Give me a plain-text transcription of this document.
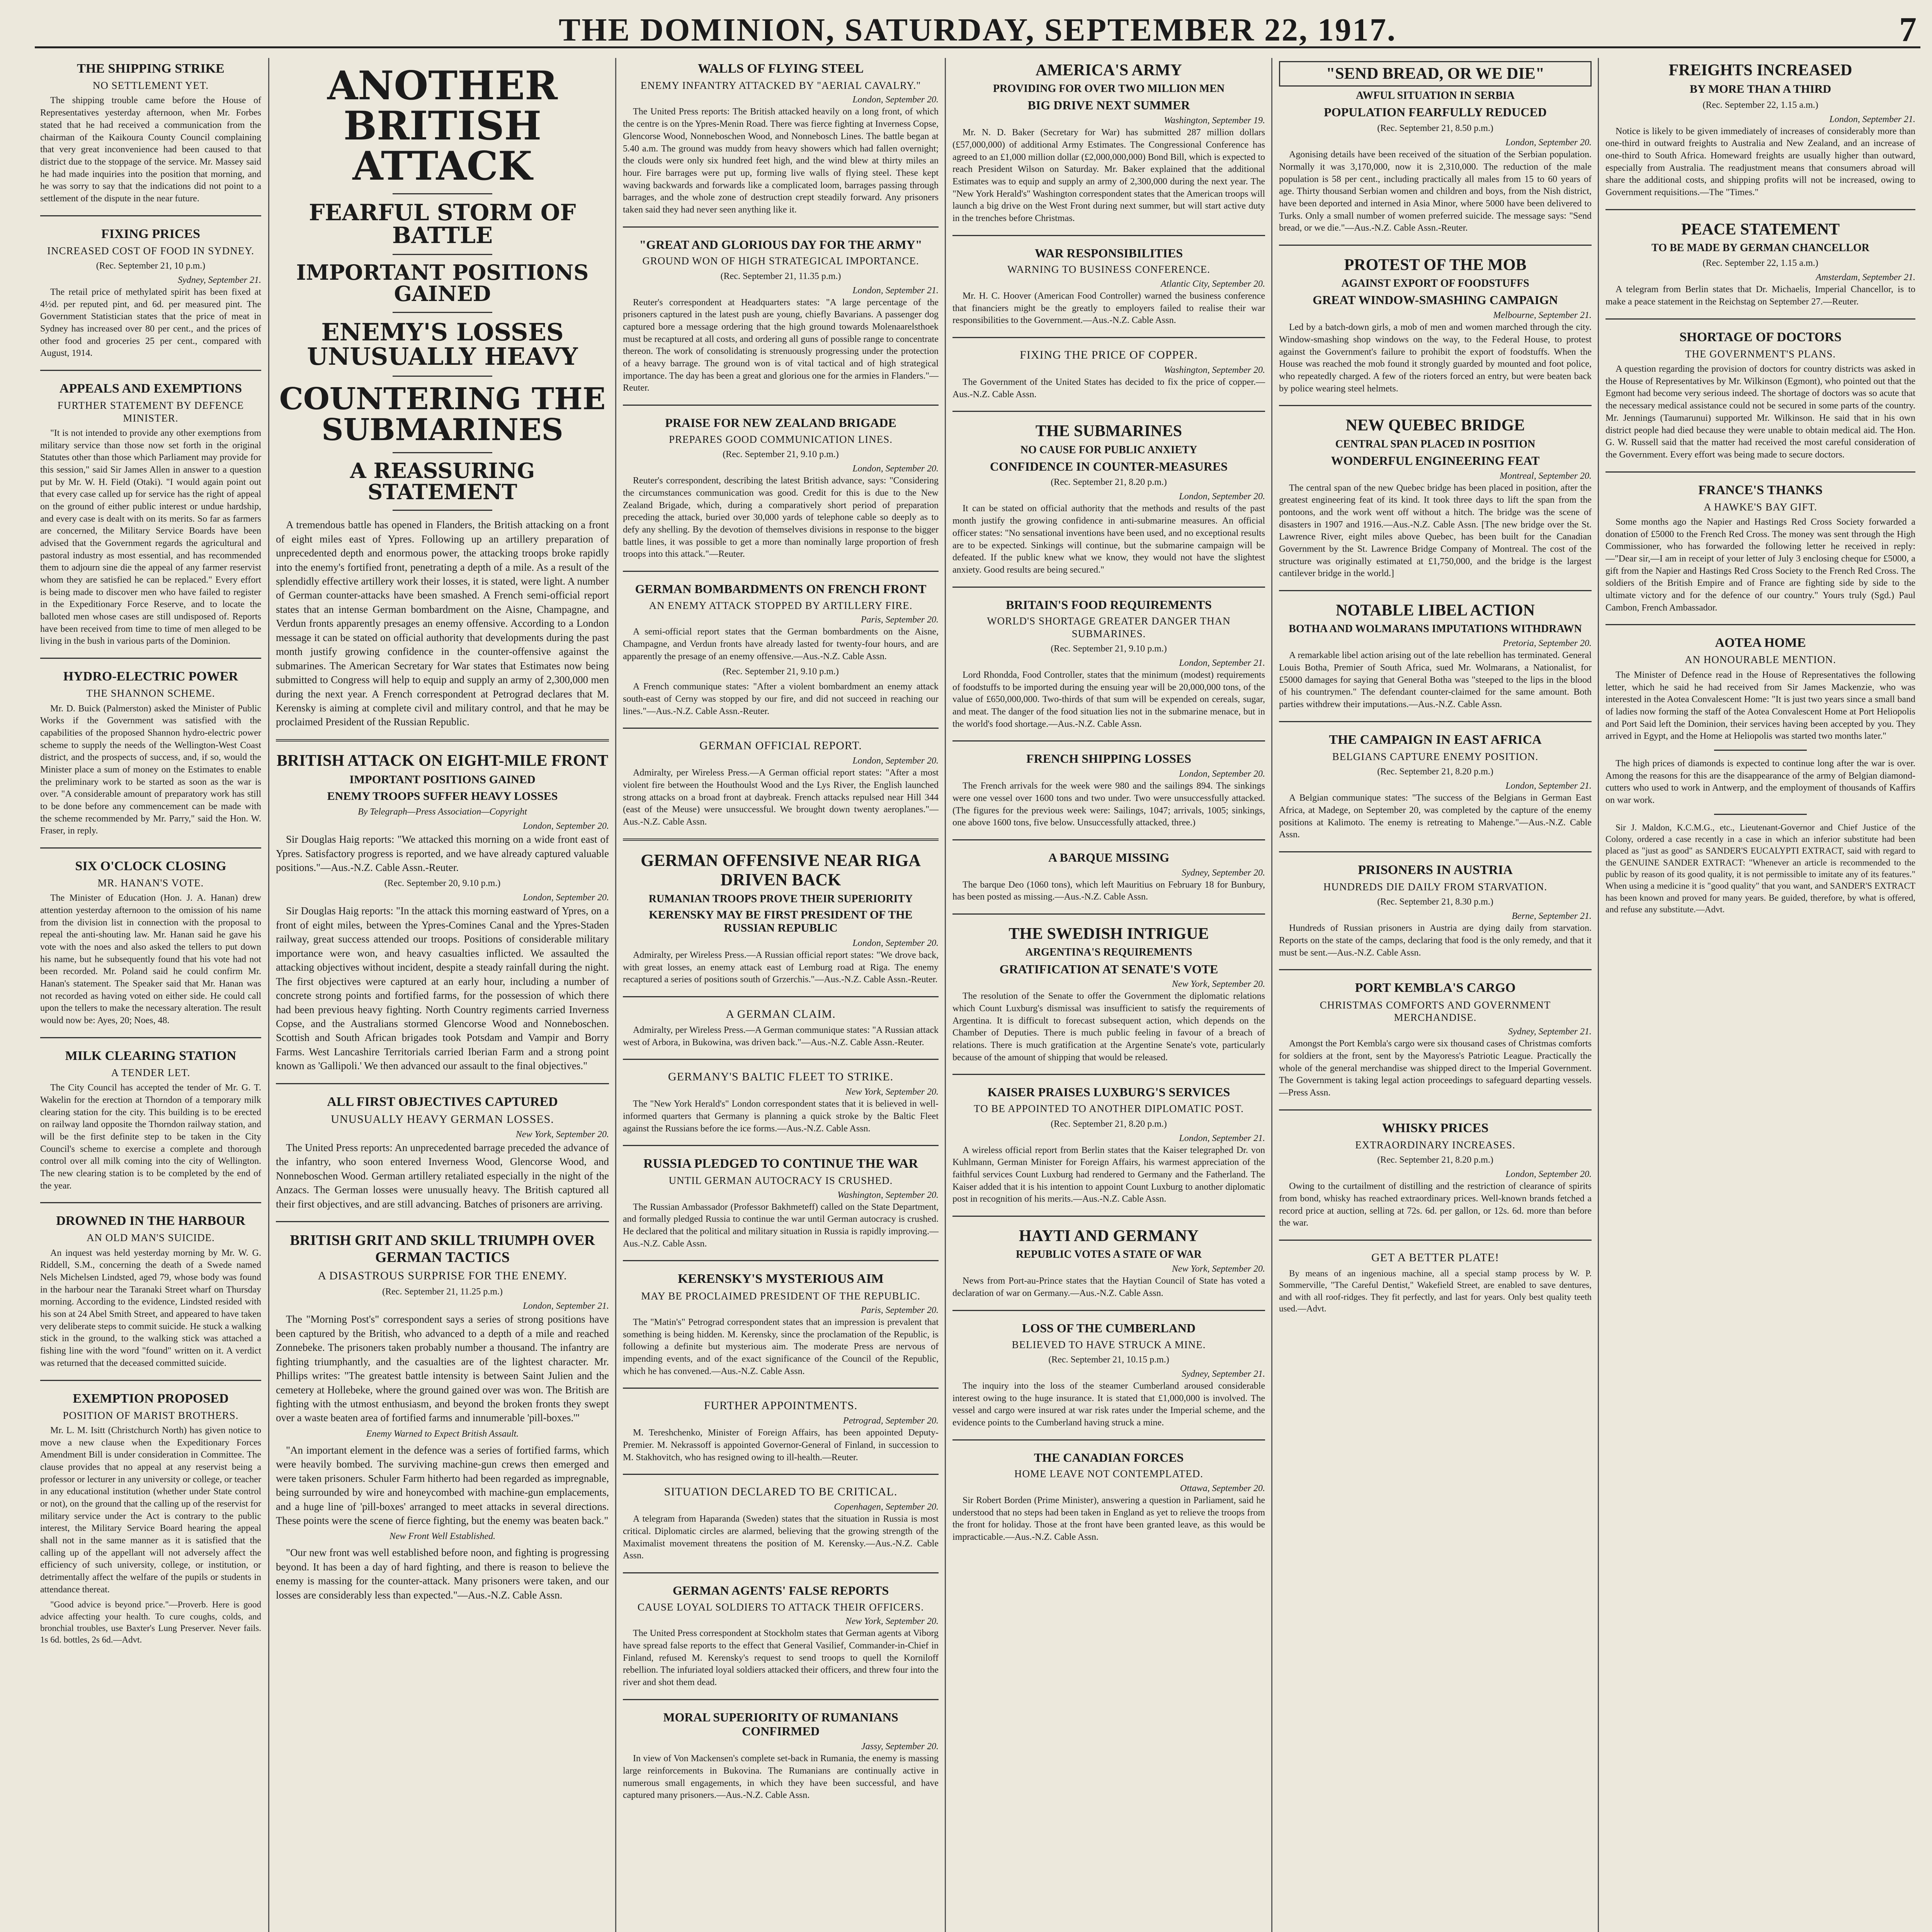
THE DOMINION, SATURDAY, SEPTEMBER 22, 1917.	7
THE SHIPPING STRIKE
NO SETTLEMENT YET.

The shipping trouble came before the House of Representatives yesterday afternoon, when Mr. Forbes stated that he had received a communication from the chairman of the Kaikoura County Council complaining that very great inconvenience had been caused to that district due to the stoppage of the service. Mr. Massey said he had made inquiries into the position that morning, and he was sorry to say that the indications did not point to a settlement of the dispute in the near future.

FIXING PRICES
INCREASED COST OF FOOD IN SYDNEY.
(Rec. September 21, 10 p.m.)

Sydney, September 21.

The retail price of methylated spirit has been fixed at 4½d. per reputed pint, and 6d. per measured pint. The Government Statistician states that the price of meat in Sydney has increased over 80 per cent., and the prices of other food and groceries 25 per cent., compared with August, 1914.

APPEALS AND EXEMPTIONS
FURTHER STATEMENT BY DEFENCE MINISTER.

"It is not intended to provide any other exemptions from military service than those now set forth in the original Statutes other than those which Parliament may provide for this session," said Sir James Allen in answer to a question put by Mr. W. H. Field (Otaki). "I would again point out that every case called up for service has the right of appeal on the ground of either public interest or undue hardship, and every case is dealt with on its merits. So far as farmers are concerned, the Military Service Boards have been advised that the Government regards the agricultural and pastoral industry as most essential, and has recommended them to adjourn sine die the appeal of any farmer reservist whom they are satisfied he can be replaced." Every effort is being made to discover men who have failed to register in the Expeditionary Force Reserve, and to locate the balloted men whose cases are still undisposed of. Reports have been received from time to time of men alleged to be living in the bush in various parts of the Dominion.

HYDRO-ELECTRIC POWER
THE SHANNON SCHEME.

Mr. D. Buick (Palmerston) asked the Minister of Public Works if the Government was satisfied with the capabilities of the proposed Shannon hydro-electric power scheme to supply the needs of the Wellington-West Coast district, and the prospects of success, and, if so, would the Minister place a sum of money on the Estimates to enable the preliminary work to be started as soon as the war is over. "A considerable amount of preparatory work has still to be done before any commencement can be made with the scheme recommended by Mr. Parry," said the Hon. W. Fraser, in reply.

SIX O'CLOCK CLOSING
MR. HANAN'S VOTE.

The Minister of Education (Hon. J. A. Hanan) drew attention yesterday afternoon to the omission of his name from the division list in connection with the proposal to repeal the anti-shouting law. Mr. Hanan said he gave his vote with the noes and also asked the tellers to put down his name, but he subsequently found that his vote had not been recorded. Mr. Poland said he could confirm Mr. Hanan's statement. The Speaker said that Mr. Hanan was not recorded as having voted on either side. He could call upon the tellers to make the necessary alteration. The result would now be: Ayes, 20; Noes, 48.

MILK CLEARING STATION
A TENDER LET.

The City Council has accepted the tender of Mr. G. T. Wakelin for the erection at Thorndon of a temporary milk clearing station for the city. This building is to be erected on railway land opposite the Thorndon railway station, and will be the first definite step to be taken in the City Council's scheme to exercise a complete and thorough control over all milk coming into the city of Wellington. The new clearing station is to be completed by the end of the year.

DROWNED IN THE HARBOUR
AN OLD MAN'S SUICIDE.

An inquest was held yesterday morning by Mr. W. G. Riddell, S.M., concerning the death of a Swede named Nels Michelsen Lindsted, aged 79, whose body was found in the harbour near the Taranaki Street wharf on Thursday morning. According to the evidence, Lindsted resided with his son at 24 Abel Smith Street, and appeared to have taken very deliberate steps to commit suicide. He stuck a walking stick in the ground, to the walking stick was attached a fishing line with the word "found" written on it. A verdict was returned that the deceased committed suicide.

EXEMPTION PROPOSED
POSITION OF MARIST BROTHERS.

Mr. L. M. Isitt (Christchurch North) has given notice to move a new clause when the Expeditionary Forces Amendment Bill is under consideration in Committee. The clause provides that no appeal at any reservist being a professor or lecturer in any university or college, or teacher in any educational institution (whether under State control or not), on the ground that the calling up of the reservist for military service under the Act is contrary to the public interest, the Military Service Board hearing the appeal shall not in the same manner as it is satisfied that the calling up of the appellant will not adversely affect the efficiency of such university, college, or institution, or detrimentally affect the welfare of the pupils or students in attendance thereat.

"Good advice is beyond price."—Proverb. Here is good advice affecting your health. To cure coughs, colds, and bronchial troubles, use Baxter's Lung Preserver. Never fails. 1s 6d. bottles, 2s 6d.—Advt.

ANOTHER BRITISH ATTACK
FEARFUL STORM OF BATTLE
IMPORTANT POSITIONS GAINED
ENEMY'S LOSSES UNUSUALLY HEAVY
COUNTERING THE SUBMARINES
A REASSURING STATEMENT

A tremendous battle has opened in Flanders, the British attacking on a front of eight miles east of Ypres. Following up an artillery preparation of unprecedented depth and enormous power, the attacking troops broke rapidly into the enemy's fortified front, penetrating a depth of a mile. As a result of the splendidly effective artillery work their losses, it is stated, were light. A number of German counter-attacks have been smashed. A French semi-official report states that an intense German bombardment on the Aisne, Champagne, and Verdun fronts apparently presages an enemy offensive. According to a London message it can be stated on official authority that developments during the past month justify growing confidence in the counter-offensive against the submarines. The American Secretary for War states that Estimates now being submitted to Congress will help to equip and supply an army of 2,300,000 men during the next year. A French correspondent at Petrograd declares that M. Kerensky is aiming at complete civil and military control, and that he may be proclaimed President of the Russian Republic.

BRITISH ATTACK ON EIGHT-MILE FRONT
IMPORTANT POSITIONS GAINED
ENEMY TROOPS SUFFER HEAVY LOSSES
By Telegraph—Press Association—Copyright

London, September 20.

Sir Douglas Haig reports: "We attacked this morning on a wide front east of Ypres. Satisfactory progress is reported, and we have already captured valuable positions."—Aus.-N.Z. Cable Assn.-Reuter.

(Rec. September 20, 9.10 p.m.)

London, September 20.

Sir Douglas Haig reports: "In the attack this morning eastward of Ypres, on a front of eight miles, between the Ypres-Comines Canal and the Ypres-Staden railway, great success attended our troops. Positions of considerable military importance were won, and heavy casualties inflicted. We assaulted the attacking objectives without incident, despite a steady rainfall during the night. The first objectives were captured at an early hour, including a number of concrete strong points and fortified farms, for the possession of which there had been previous heavy fighting. North Country regiments carried Inverness Copse, and the Australians stormed Glencorse Wood and Nonneboschen. Scottish and South African brigades took Potsdam and Vampir and Borry Farms. West Lancashire Territorials carried Iberian Farm and a strong point known as 'Gallipoli.' We then advanced our assault to the final objectives."

ALL FIRST OBJECTIVES CAPTURED
UNUSUALLY HEAVY GERMAN LOSSES.

New York, September 20.

The United Press reports: An unprecedented barrage preceded the advance of the infantry, who soon entered Inverness Wood, Glencorse Wood, and Nonneboschen Wood. German artillery retaliated especially in the night of the Anzacs. The German losses were unusually heavy. The British captured all their first objectives, and are still advancing. Batches of prisoners are arriving.

BRITISH GRIT AND SKILL TRIUMPH OVER GERMAN TACTICS
A DISASTROUS SURPRISE FOR THE ENEMY.
(Rec. September 21, 11.25 p.m.)

London, September 21.

The "Morning Post's" correspondent says a series of strong positions have been captured by the British, who advanced to a depth of a mile and reached Zonnebeke. The prisoners taken probably number a thousand. The infantry are fighting triumphantly, and the casualties are of the lightest character. Mr. Phillips writes: "The greatest battle intensity is between Saint Julien and the cemetery at Hollebeke, where the ground gained over was won. The British are fighting with the utmost enthusiasm, and beyond the broken fronts they swept over a waste beaten area of fortified farms and innumerable 'pill-boxes.'"

Enemy Warned to Expect British Assault.

"An important element in the defence was a series of fortified farms, which were heavily bombed. The surviving machine-gun crews then emerged and were taken prisoners. Schuler Farm hitherto had been regarded as impregnable, being surrounded by wire and honeycombed with machine-gun emplacements, and a huge line of 'pill-boxes' arranged to meet attacks in several directions. These points were the scene of fierce fighting, but the enemy was beaten back."

New Front Well Established.

"Our new front was well established before noon, and fighting is progressing beyond. It has been a day of hard fighting, and there is reason to believe the enemy is massing for the counter-attack. Many prisoners were taken, and our losses are considerably less than expected."—Aus.-N.Z. Cable Assn.

WALLS OF FLYING STEEL
ENEMY INFANTRY ATTACKED BY "AERIAL CAVALRY."

London, September 20.

The United Press reports: The British attacked heavily on a long front, of which the centre is on the Ypres-Menin Road. There was fierce fighting at Inverness Copse, Glencorse Wood, Nonneboschen Wood, and Nonnebosch Lines. The battle began at 5.40 a.m. The ground was muddy from heavy showers which had fallen overnight; the clouds were only six hundred feet high, and the wind blew at thirty miles an hour. Fire barrages were put up, forming live walls of flying steel. These kept waving backwards and forwards like a complicated loom, barrages passing through barrages, and the whole zone of destruction crept steadily forward. Any prisoners taken said they had never seen anything like it.

"GREAT AND GLORIOUS DAY FOR THE ARMY"
GROUND WON OF HIGH STRATEGICAL IMPORTANCE.
(Rec. September 21, 11.35 p.m.)

London, September 21.

Reuter's correspondent at Headquarters states: "A large percentage of the prisoners captured in the latest push are young, chiefly Bavarians. A passenger dog captured bore a message ordering that the high ground towards Molenaarelsthoek must be recaptured at all costs, and ordering all guns of possible range to concentrate thereon. The work of consolidating is strenuously progressing under the protection of a heavy barrage. The ground won is of vital tactical and of high strategical importance. The day has been a great and glorious one for the armies in Flanders."—Reuter.

PRAISE FOR NEW ZEALAND BRIGADE
PREPARES GOOD COMMUNICATION LINES.
(Rec. September 21, 9.10 p.m.)

London, September 20.

Reuter's correspondent, describing the latest British advance, says: "Considering the circumstances communication was good. Credit for this is due to the New Zealand Brigade, which, during a comparatively short period of preparation preceding the attack, buried over 30,000 yards of telephone cable so deeply as to defy any shelling. By the devotion of themselves divisions in response to the bigger battle lines, it was possible to get a more than nominally large proportion of fresh troops into this attack."—Reuter.

GERMAN BOMBARDMENTS ON FRENCH FRONT
AN ENEMY ATTACK STOPPED BY ARTILLERY FIRE.

Paris, September 20.

A semi-official report states that the German bombardments on the Aisne, Champagne, and Verdun fronts have already lasted for twenty-four hours, and are apparently the presage of an enemy offensive.—Aus.-N.Z. Cable Assn.

(Rec. September 21, 9.10 p.m.)

A French communique states: "After a violent bombardment an enemy attack south-east of Cerny was stopped by our fire, and did not succeed in reaching our lines."—Aus.-N.Z. Cable Assn.-Reuter.

GERMAN OFFICIAL REPORT.

London, September 20.

Admiralty, per Wireless Press.—A German official report states: "After a most violent fire between the Houthoulst Wood and the Lys River, the English launched strong attacks on a broad front at daybreak. French attacks repulsed near Hill 344 (east of the Meuse) were unsuccessful. We brought down twenty aeroplanes."—Aus.-N.Z. Cable Assn.

GERMAN OFFENSIVE NEAR RIGA DRIVEN BACK
RUMANIAN TROOPS PROVE THEIR SUPERIORITY
KERENSKY MAY BE FIRST PRESIDENT OF THE RUSSIAN REPUBLIC

London, September 20.

Admiralty, per Wireless Press.—A Russian official report states: "We drove back, with great losses, an enemy attack east of Lemburg road at Riga. The enemy recaptured a series of positions south of Grzerchis."—Aus.-N.Z. Cable Assn.-Reuter.

A GERMAN CLAIM.

Admiralty, per Wireless Press.—A German communique states: "A Russian attack west of Arbora, in Bukowina, was driven back."—Aus.-N.Z. Cable Assn.-Reuter.

GERMANY'S BALTIC FLEET TO STRIKE.

New York, September 20.

The "New York Herald's" London correspondent states that it is believed in well-informed quarters that Germany is planning a quick stroke by the Baltic Fleet against the Russians before the ice forms.—Aus.-N.Z. Cable Assn.

RUSSIA PLEDGED TO CONTINUE THE WAR
UNTIL GERMAN AUTOCRACY IS CRUSHED.

Washington, September 20.

The Russian Ambassador (Professor Bakhmeteff) called on the State Department, and formally pledged Russia to continue the war until German autocracy is crushed. He declared that the political and military situation in Russia is rapidly improving.—Aus.-N.Z. Cable Assn.

KERENSKY'S MYSTERIOUS AIM
MAY BE PROCLAIMED PRESIDENT OF THE REPUBLIC.

Paris, September 20.

The "Matin's" Petrograd correspondent states that an impression is prevalent that something is being hidden. M. Kerensky, since the proclamation of the Republic, is following a definite but mysterious aim. The moderate Press are nervous of impending events, and of the exact significance of the Council of the Republic, which he has convened.—Aus.-N.Z. Cable Assn.

FURTHER APPOINTMENTS.

Petrograd, September 20.

M. Tereshchenko, Minister of Foreign Affairs, has been appointed Deputy-Premier. M. Nekrassoff is appointed Governor-General of Finland, in succession to M. Stakhovitch, who has resigned owing to ill-health.—Reuter.

SITUATION DECLARED TO BE CRITICAL.

Copenhagen, September 20.

A telegram from Haparanda (Sweden) states that the situation in Russia is most critical. Diplomatic circles are alarmed, believing that the growing strength of the Maximalist movement threatens the position of M. Kerensky.—Aus.-N.Z. Cable Assn.

GERMAN AGENTS' FALSE REPORTS
CAUSE LOYAL SOLDIERS TO ATTACK THEIR OFFICERS.

New York, September 20.

The United Press correspondent at Stockholm states that German agents at Viborg have spread false reports to the effect that General Vasilief, Commander-in-Chief in Finland, refused M. Kerensky's request to send troops to quell the Korniloff rebellion. The infuriated loyal soldiers attacked their officers, and threw four into the river and shot them dead.

MORAL SUPERIORITY OF RUMANIANS CONFIRMED

Jassy, September 20.

In view of Von Mackensen's complete set-back in Rumania, the enemy is massing large reinforcements in Bukovina. The Rumanians are continually active in numerous small engagements, in which they have been successful, and have captured many prisoners.—Aus.-N.Z. Cable Assn.

AMERICA'S ARMY
PROVIDING FOR OVER TWO MILLION MEN
BIG DRIVE NEXT SUMMER

Washington, September 19.

Mr. N. D. Baker (Secretary for War) has submitted 287 million dollars (£57,000,000) of additional Army Estimates. The Congressional Conference has agreed to an £1,000 million dollar (£2,000,000,000) Bond Bill, which is expected to reach President Wilson on Saturday. Mr. Baker explained that the additional Estimates was to equip and supply an army of 2,300,000 during the next year. The "New York Herald's" Washington correspondent states that the American troops will launch a big drive on the West Front during next summer, but will start active duty in the trenches before Christmas.

WAR RESPONSIBILITIES
WARNING TO BUSINESS CONFERENCE.

Atlantic City, September 20.

Mr. H. C. Hoover (American Food Controller) warned the business conference that financiers might be the greatly to employers failed to realise their war responsibilities to the Government.—Aus.-N.Z. Cable Assn.

FIXING THE PRICE OF COPPER.

Washington, September 20.

The Government of the United States has decided to fix the price of copper.—Aus.-N.Z. Cable Assn.

THE SUBMARINES
NO CAUSE FOR PUBLIC ANXIETY
CONFIDENCE IN COUNTER-MEASURES
(Rec. September 21, 8.20 p.m.)

London, September 20.

It can be stated on official authority that the methods and results of the past month justify the growing confidence in anti-submarine measures. An official officer states: "No sensational inventions have been used, and no exceptional results are to be expected. Sinkings will continue, but the submarine campaign will be defeated. If the public knew what we know, they would not have the slightest anxiety. Good results are being secured."

BRITAIN'S FOOD REQUIREMENTS
WORLD'S SHORTAGE GREATER DANGER THAN SUBMARINES.
(Rec. September 21, 9.10 p.m.)

London, September 21.

Lord Rhondda, Food Controller, states that the minimum (modest) requirements of foodstuffs to be imported during the ensuing year will be 20,000,000 tons, of the value of £650,000,000. Two-thirds of that sum will be expended on cereals, sugar, and meat. The danger of the food situation lies not in the submarine menace, but in the world's food shortage.—Aus.-N.Z. Cable Assn.

FRENCH SHIPPING LOSSES

London, September 20.

The French arrivals for the week were 980 and the sailings 894. The sinkings were one vessel over 1600 tons and two under. Two were unsuccessfully attacked. (The figures for the previous week were: Sailings, 1047; arrivals, 1005; sinkings, one above 1600 tons, five below. Unsuccessfully attacked, three.)

A BARQUE MISSING

Sydney, September 20.

The barque Deo (1060 tons), which left Mauritius on February 18 for Bunbury, has been posted as missing.—Aus.-N.Z. Cable Assn.

THE SWEDISH INTRIGUE
ARGENTINA'S REQUIREMENTS
GRATIFICATION AT SENATE'S VOTE

New York, September 20.

The resolution of the Senate to offer the Government the diplomatic relations which Count Luxburg's dismissal was insufficient to satisfy the requirements of Argentina. It is difficult to forecast subsequent action, which depends on the Chamber of Deputies. There is much public feeling in favour of a breach of relations. There is much gratification at the Argentine Senate's vote, particularly because of the amount of shipping that would be released.

KAISER PRAISES LUXBURG'S SERVICES
TO BE APPOINTED TO ANOTHER DIPLOMATIC POST.
(Rec. September 21, 8.20 p.m.)

London, September 21.

A wireless official report from Berlin states that the Kaiser telegraphed Dr. von Kuhlmann, German Minister for Foreign Affairs, his warmest appreciation of the faithful services Count Luxburg had rendered to Germany and the Fatherland. The Kaiser added that it is his intention to appoint Count Luxburg to another diplomatic post in recognition of his merits.—Aus.-N.Z. Cable Assn.

HAYTI AND GERMANY
REPUBLIC VOTES A STATE OF WAR

New York, September 20.

News from Port-au-Prince states that the Haytian Council of State has voted a declaration of war on Germany.—Aus.-N.Z. Cable Assn.

LOSS OF THE CUMBERLAND
BELIEVED TO HAVE STRUCK A MINE.
(Rec. September 21, 10.15 p.m.)

Sydney, September 21.

The inquiry into the loss of the steamer Cumberland aroused considerable interest owing to the huge insurance. It is stated that £1,000,000 is involved. The vessel and cargo were insured at war risk rates under the Imperial scheme, and the evidence points to the Cumberland having struck a mine.

THE CANADIAN FORCES
HOME LEAVE NOT CONTEMPLATED.

Ottawa, September 20.

Sir Robert Borden (Prime Minister), answering a question in Parliament, said he understood that no steps had been taken in England as yet to relieve the troops from the front for holiday. Those at the front have been granted leave, as this would be impracticable.—Aus.-N.Z. Cable Assn.

"SEND BREAD, OR WE DIE"
AWFUL SITUATION IN SERBIA
POPULATION FEARFULLY REDUCED
(Rec. September 21, 8.50 p.m.)

London, September 20.

Agonising details have been received of the situation of the Serbian population. Normally it was 3,170,000, now it is 2,310,000. The reduction of the male population is 58 per cent., including practically all males from 15 to 60 years of age. Thirty thousand Serbian women and children and boys, from the Nish district, have been deported and interned in Asia Minor, where 5000 have been delivered to Turks. Only a small number of women preferred suicide. The message says: "Send bread, or we die."—Aus.-N.Z. Cable Assn.-Reuter.

PROTEST OF THE MOB
AGAINST EXPORT OF FOODSTUFFS
GREAT WINDOW-SMASHING CAMPAIGN

Melbourne, September 21.

Led by a batch-down girls, a mob of men and women marched through the city. Window-smashing shop windows on the way, to the Federal House, to protest against the Government's failure to prohibit the export of foodstuffs. When the House was reached the mob found it strongly guarded by mounted and foot police, who repeatedly charged. A few of the rioters forced an entry, but were beaten back by police wearing steel helmets.

NEW QUEBEC BRIDGE
CENTRAL SPAN PLACED IN POSITION
WONDERFUL ENGINEERING FEAT

Montreal, September 20.

The central span of the new Quebec bridge has been placed in position, after the greatest engineering feat of its kind. It took three days to lift the span from the pontoons, and the work went off without a hitch. The bridge was the scene of disasters in 1907 and 1916.—Aus.-N.Z. Cable Assn. [The new bridge over the St. Lawrence River, eight miles above Quebec, has been built for the Canadian Government by the St. Lawrence Bridge Company of Montreal. The cost of the structure was originally estimated at £1,750,000, and the bridge is the largest cantilever bridge in the world.]

NOTABLE LIBEL ACTION
BOTHA AND WOLMARANS IMPUTATIONS WITHDRAWN

Pretoria, September 20.

A remarkable libel action arising out of the late rebellion has terminated. General Louis Botha, Premier of South Africa, sued Mr. Wolmarans, a Nationalist, for £5000 damages for saying that General Botha was "steeped to the lips in the blood of his countrymen." The defendant counter-claimed for the same amount. Both parties withdrew their imputations.—Aus.-N.Z. Cable Assn.

THE CAMPAIGN IN EAST AFRICA
BELGIANS CAPTURE ENEMY POSITION.
(Rec. September 21, 8.20 p.m.)

London, September 21.

A Belgian communique states: "The success of the Belgians in German East Africa, at Madege, on September 20, was completed by the capture of the enemy positions at Kalimoto. The enemy is retreating to Mahenge."—Aus.-N.Z. Cable Assn.

PRISONERS IN AUSTRIA
HUNDREDS DIE DAILY FROM STARVATION.
(Rec. September 21, 8.30 p.m.)

Berne, September 21.

Hundreds of Russian prisoners in Austria are dying daily from starvation. Reports on the state of the camps, declaring that food is the only remedy, and that it must be sent.—Aus.-N.Z. Cable Assn.

PORT KEMBLA'S CARGO
CHRISTMAS COMFORTS AND GOVERNMENT MERCHANDISE.

Sydney, September 21.

Amongst the Port Kembla's cargo were six thousand cases of Christmas comforts for soldiers at the front, sent by the Mayoress's Patriotic League. Practically the whole of the general merchandise was shipped direct to the Imperial Government. The Government is taking legal action proceedings to safeguard departing vessels.—Press Assn.

WHISKY PRICES
EXTRAORDINARY INCREASES.
(Rec. September 21, 8.20 p.m.)

London, September 20.

Owing to the curtailment of distilling and the restriction of clearance of spirits from bond, whisky has reached extraordinary prices. Well-known brands fetched a record price at auction, selling at 72s. 6d. per gallon, or 12s. 6d. more than before the war.

GET A BETTER PLATE!

By means of an ingenious machine, all a special stamp process by W. P. Sommerville, "The Careful Dentist," Wakefield Street, are enabled to save dentures, and with all roof-ridges. They fit perfectly, and last for years. Only best quality teeth used.—Advt.

FREIGHTS INCREASED
BY MORE THAN A THIRD
(Rec. September 22, 1.15 a.m.)

London, September 21.

Notice is likely to be given immediately of increases of considerably more than one-third in outward freights to Australia and New Zealand, and an increase of one-third to South Africa. Homeward freights are usually higher than outward, especially from Australia. The readjustment means that consumers abroad will share the additional costs, and shipping profits will not be increased, owing to Government requisitions.—The "Times."

PEACE STATEMENT
TO BE MADE BY GERMAN CHANCELLOR
(Rec. September 22, 1.15 a.m.)

Amsterdam, September 21.

A telegram from Berlin states that Dr. Michaelis, Imperial Chancellor, is to make a peace statement in the Reichstag on September 27.—Reuter.

SHORTAGE OF DOCTORS
THE GOVERNMENT'S PLANS.

A question regarding the provision of doctors for country districts was asked in the House of Representatives by Mr. Wilkinson (Egmont), who pointed out that the Egmont had become very serious indeed. The shortage of doctors was so acute that the necessary medical assistance could not be secured in some parts of the country. Mr. Jennings (Taumarunui) supported Mr. Wilkinson. He said that in his own district people had died because they were unable to obtain medical aid. The Hon. G. W. Russell said that the matter had received the most careful consideration of the Government. Every effort was being made to secure doctors.

FRANCE'S THANKS
A HAWKE'S BAY GIFT.

Some months ago the Napier and Hastings Red Cross Society forwarded a donation of £5000 to the French Red Cross. The money was sent through the High Commissioner, who has forwarded the following letter he received in reply:—"Dear sir,—I am in receipt of your letter of July 3 enclosing cheque for £5000, a gift from the Napier and Hastings Red Cross Society to the French Red Cross. The soldiers of the British Empire and of France are fighting side by side to the ultimate victory and for the defence of our country." Yours truly (Sgd.) Paul Cambon, French Ambassador.

AOTEA HOME
AN HONOURABLE MENTION.

The Minister of Defence read in the House of Representatives the following letter, which he said he had received from Sir James Mackenzie, who was interested in the Aotea Convalescent Home: "It is just two years since a small band of ladies now forming the staff of the Aotea Convalescent Home at Port Heliopolis and Port Said left the Dominion, their services having been accepted by you. They arrived in Egypt, and the Home at Heliopolis was started two months later."

The high prices of diamonds is expected to continue long after the war is over. Among the reasons for this are the disappearance of the army of Belgian diamond-cutters who used to work in Antwerp, and the employment of thousands of Kaffirs on war work.

Sir J. Maldon, K.C.M.G., etc., Lieutenant-Governor and Chief Justice of the Colony, ordered a case recently in a case in which an inferior substitute had been placed as "just as good" as SANDER'S EUCALYPTI EXTRACT, said with regard to the GENUINE SANDER EXTRACT: "Whenever an article is recommended to the public by reason of its good quality, it is not permissible to imitate any of its features." When using a medicine it is "good quality" that you want, and SANDER'S EXTRACT has been known and proved for many years. Be guided, therefore, by what is offered, and refuse any substitute.—Advt.
